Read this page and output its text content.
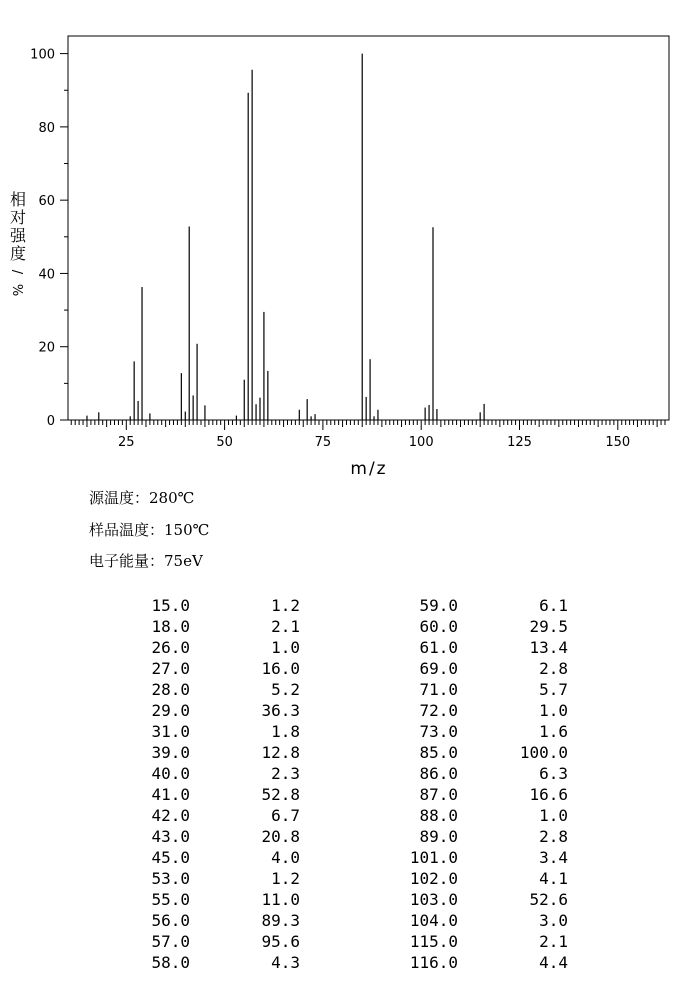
0
20
40
60
80
100
25	50	75	100	125	150
m/z
相
对
强
度
/
%
源温度：280℃
样品温度：150℃
电子能量：75eV
15.0	1.2	59.0	6.1
18.0	2.1	60.0	29.5
26.0	1.0	61.0	13.4
27.0	16.0	69.0	2.8
28.0	5.2	71.0	5.7
29.0	36.3	72.0	1.0
31.0	1.8	73.0	1.6
39.0	12.8	85.0	100.0
40.0	2.3	86.0	6.3
41.0	52.8	87.0	16.6
42.0	6.7	88.0	1.0
43.0	20.8	89.0	2.8
45.0	4.0	101.0	3.4
53.0	1.2	102.0	4.1
55.0	11.0	103.0	52.6
56.0	89.3	104.0	3.0
57.0	95.6	115.0	2.1
58.0	4.3	116.0	4.4
